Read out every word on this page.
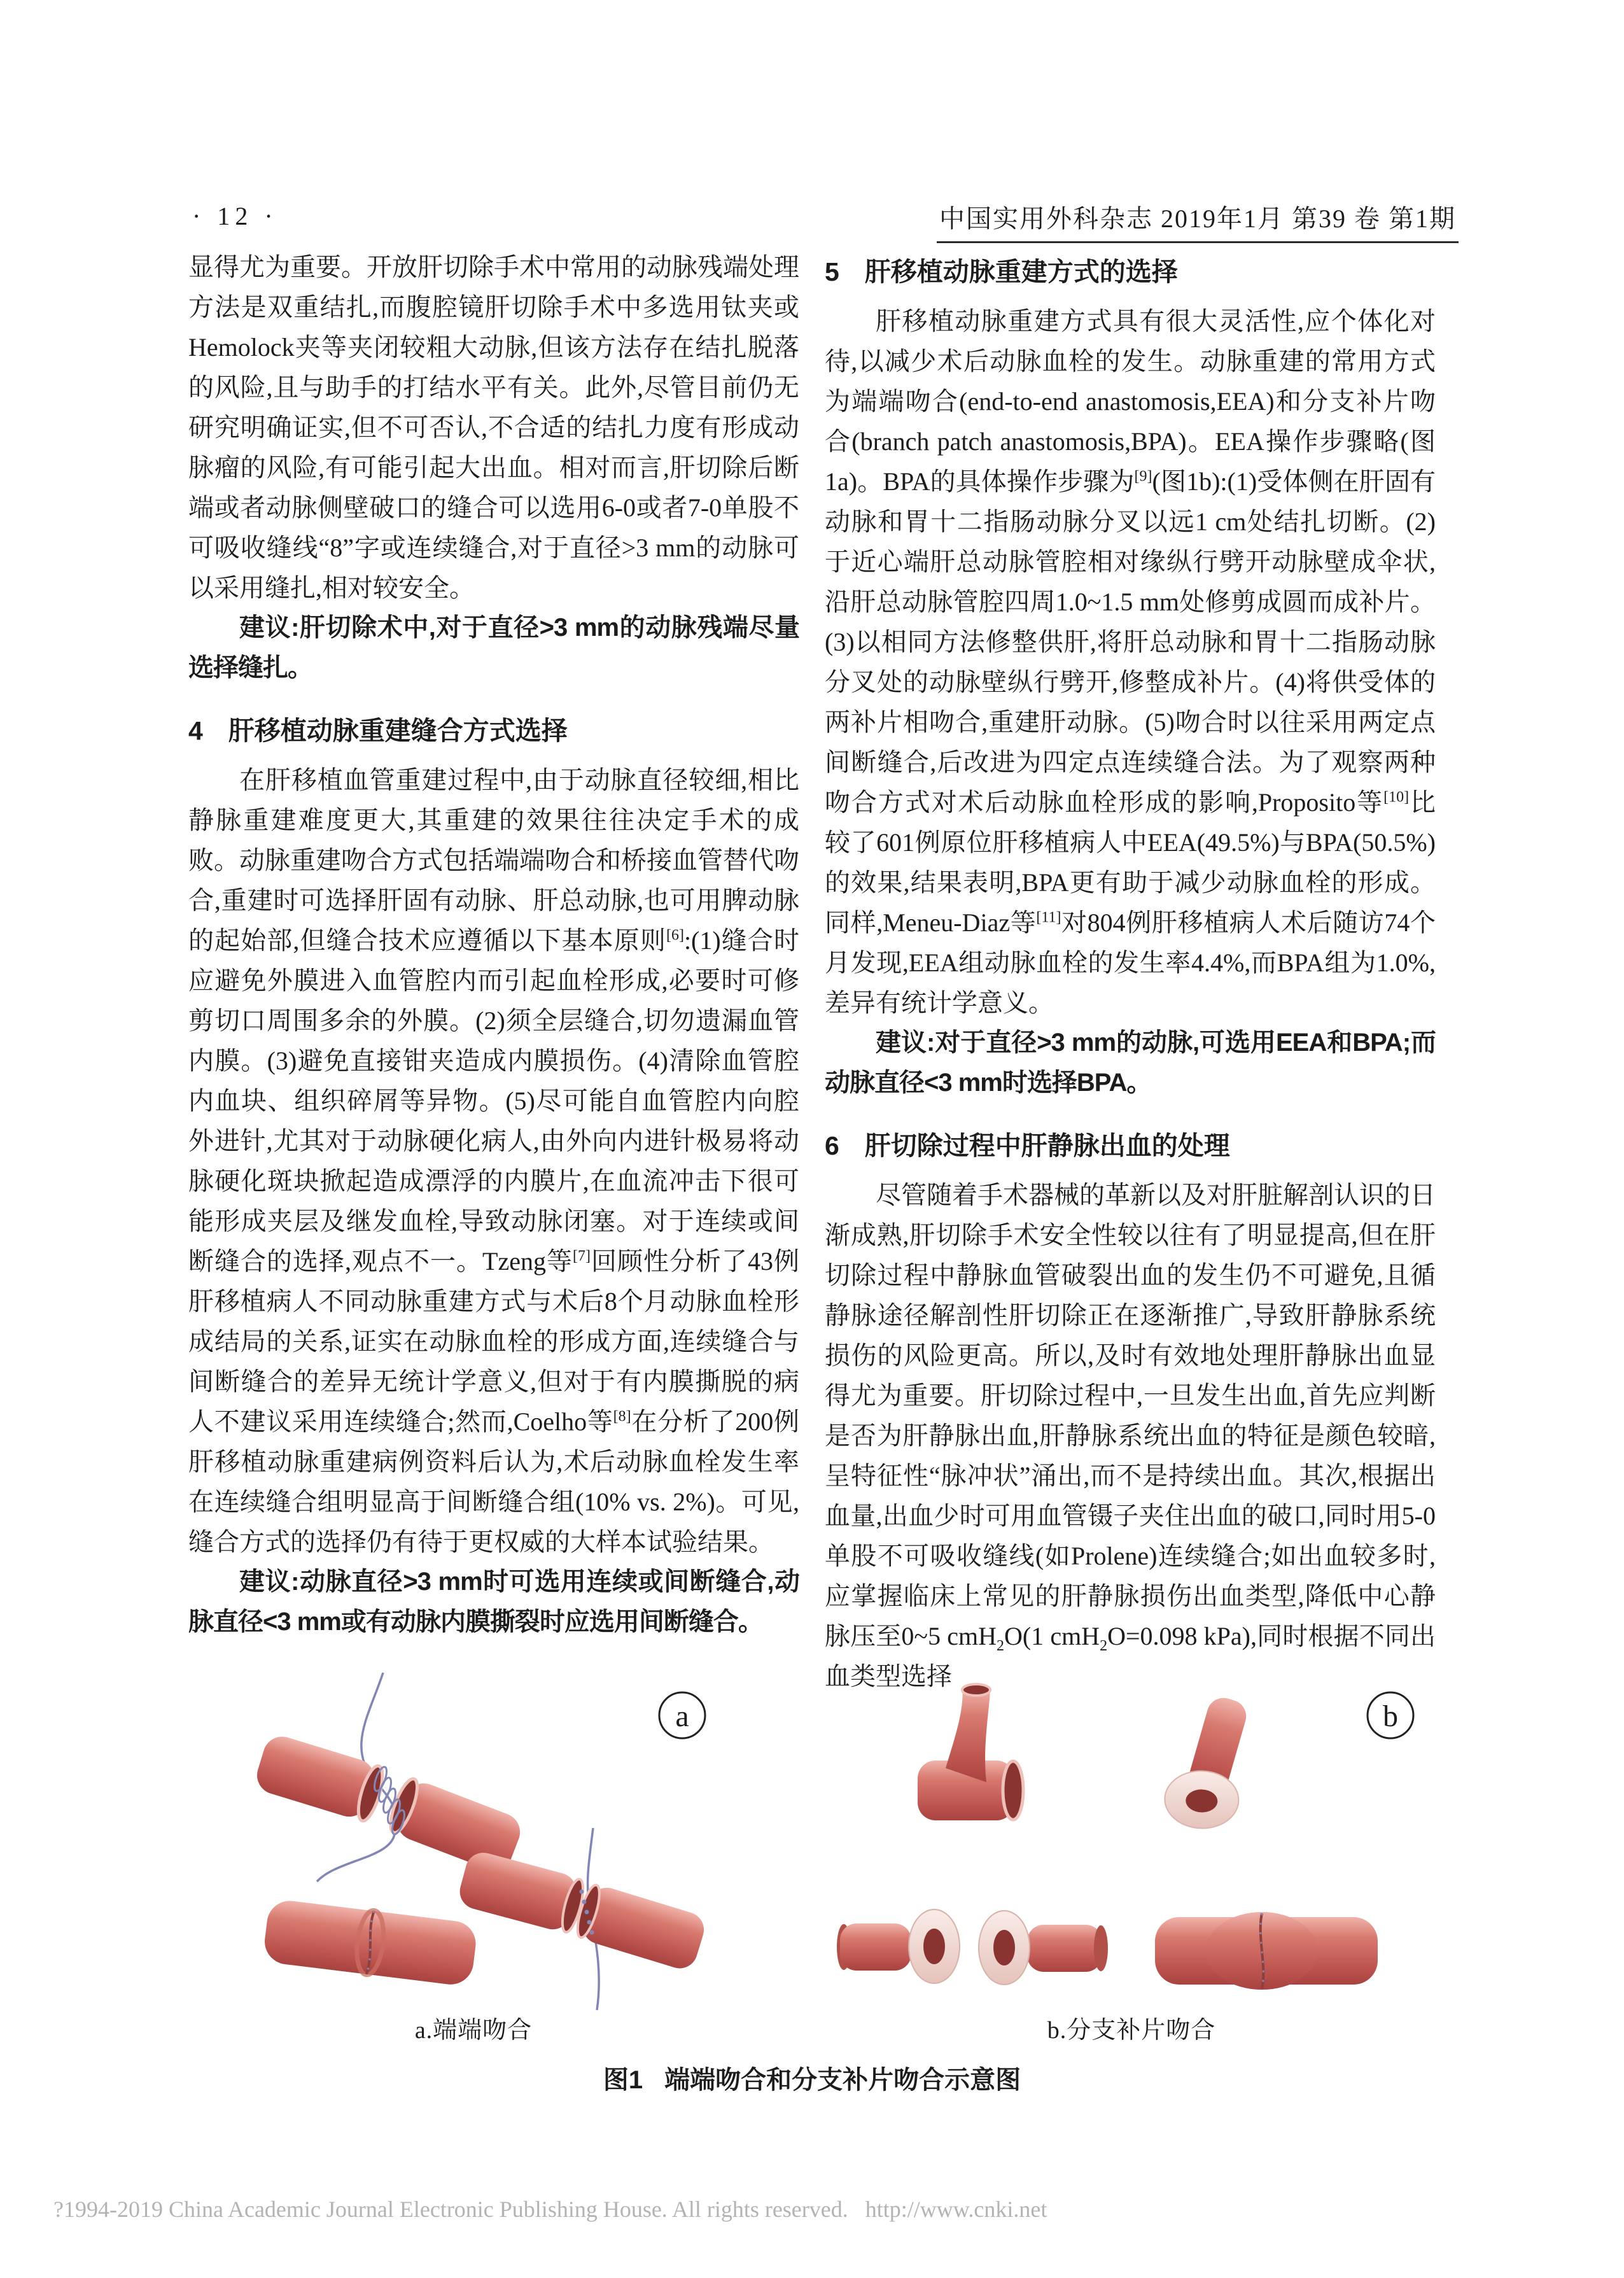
· 12 ·	中国实用外科杂志 2019年1月 第39 卷 第1期

显得尤为重要。开放肝切除手术中常用的动脉残端处理方法是双重结扎,而腹腔镜肝切除手术中多选用钛夹或Hemolock夹等夹闭较粗大动脉,但该方法存在结扎脱落的风险,且与助手的打结水平有关。此外,尽管目前仍无研究明确证实,但不可否认,不合适的结扎力度有形成动脉瘤的风险,有可能引起大出血。相对而言,肝切除后断端或者动脉侧壁破口的缝合可以选用6-0或者7-0单股不可吸收缝线“8”字或连续缝合,对于直径>3 mm的动脉可以采用缝扎,相对较安全。

建议:肝切除术中,对于直径>3 mm的动脉残端尽量选择缝扎。

4 肝移植动脉重建缝合方式选择

在肝移植血管重建过程中,由于动脉直径较细,相比静脉重建难度更大,其重建的效果往往决定手术的成败。动脉重建吻合方式包括端端吻合和桥接血管替代吻合,重建时可选择肝固有动脉、肝总动脉,也可用脾动脉的起始部,但缝合技术应遵循以下基本原则[6]:(1)缝合时应避免外膜进入血管腔内而引起血栓形成,必要时可修剪切口周围多余的外膜。(2)须全层缝合,切勿遗漏血管内膜。(3)避免直接钳夹造成内膜损伤。(4)清除血管腔内血块、组织碎屑等异物。(5)尽可能自血管腔内向腔外进针,尤其对于动脉硬化病人,由外向内进针极易将动脉硬化斑块掀起造成漂浮的内膜片,在血流冲击下很可能形成夹层及继发血栓,导致动脉闭塞。对于连续或间断缝合的选择,观点不一。Tzeng等[7]回顾性分析了43例肝移植病人不同动脉重建方式与术后8个月动脉血栓形成结局的关系,证实在动脉血栓的形成方面,连续缝合与间断缝合的差异无统计学意义,但对于有内膜撕脱的病人不建议采用连续缝合;然而,Coelho等[8]在分析了200例肝移植动脉重建病例资料后认为,术后动脉血栓发生率在连续缝合组明显高于间断缝合组(10% vs. 2%)。可见,缝合方式的选择仍有待于更权威的大样本试验结果。

建议:动脉直径>3 mm时可选用连续或间断缝合,动脉直径<3 mm或有动脉内膜撕裂时应选用间断缝合。

5 肝移植动脉重建方式的选择

肝移植动脉重建方式具有很大灵活性,应个体化对待,以减少术后动脉血栓的发生。动脉重建的常用方式为端端吻合(end-to-end anastomosis,EEA)和分支补片吻合(branch patch anastomosis,BPA)。EEA操作步骤略(图1a)。BPA的具体操作步骤为[9](图1b):(1)受体侧在肝固有动脉和胃十二指肠动脉分叉以远1 cm处结扎切断。(2)于近心端肝总动脉管腔相对缘纵行劈开动脉壁成伞状,沿肝总动脉管腔四周1.0~1.5 mm处修剪成圆而成补片。(3)以相同方法修整供肝,将肝总动脉和胃十二指肠动脉分叉处的动脉壁纵行劈开,修整成补片。(4)将供受体的两补片相吻合,重建肝动脉。(5)吻合时以往采用两定点间断缝合,后改进为四定点连续缝合法。为了观察两种吻合方式对术后动脉血栓形成的影响,Proposito等[10]比较了601例原位肝移植病人中EEA(49.5%)与BPA(50.5%)的效果,结果表明,BPA更有助于减少动脉血栓的形成。同样,Meneu-Diaz等[11]对804例肝移植病人术后随访74个月发现,EEA组动脉血栓的发生率4.4%,而BPA组为1.0%,差异有统计学意义。

建议:对于直径>3 mm的动脉,可选用EEA和BPA;而动脉直径<3 mm时选择BPA。

6 肝切除过程中肝静脉出血的处理

尽管随着手术器械的革新以及对肝脏解剖认识的日渐成熟,肝切除手术安全性较以往有了明显提高,但在肝切除过程中静脉血管破裂出血的发生仍不可避免,且循静脉途径解剖性肝切除正在逐渐推广,导致肝静脉系统损伤的风险更高。所以,及时有效地处理肝静脉出血显得尤为重要。肝切除过程中,一旦发生出血,首先应判断是否为肝静脉出血,肝静脉系统出血的特征是颜色较暗,呈特征性“脉冲状”涌出,而不是持续出血。其次,根据出血量,出血少时可用血管镊子夹住出血的破口,同时用5-0单股不可吸收缝线(如Prolene)连续缝合;如出血较多时,应掌握临床上常见的肝静脉损伤出血类型,降低中心静脉压至0~5 cmH$_2$O(1 cmH$_2$O=0.098 kPa),同时根据不同出血类型选择

a	b
a.端端吻合	b.分支补片吻合
图1 端端吻合和分支补片吻合示意图
?1994-2019 China Academic Journal Electronic Publishing House. All rights reserved.   http://www.cnki.net
